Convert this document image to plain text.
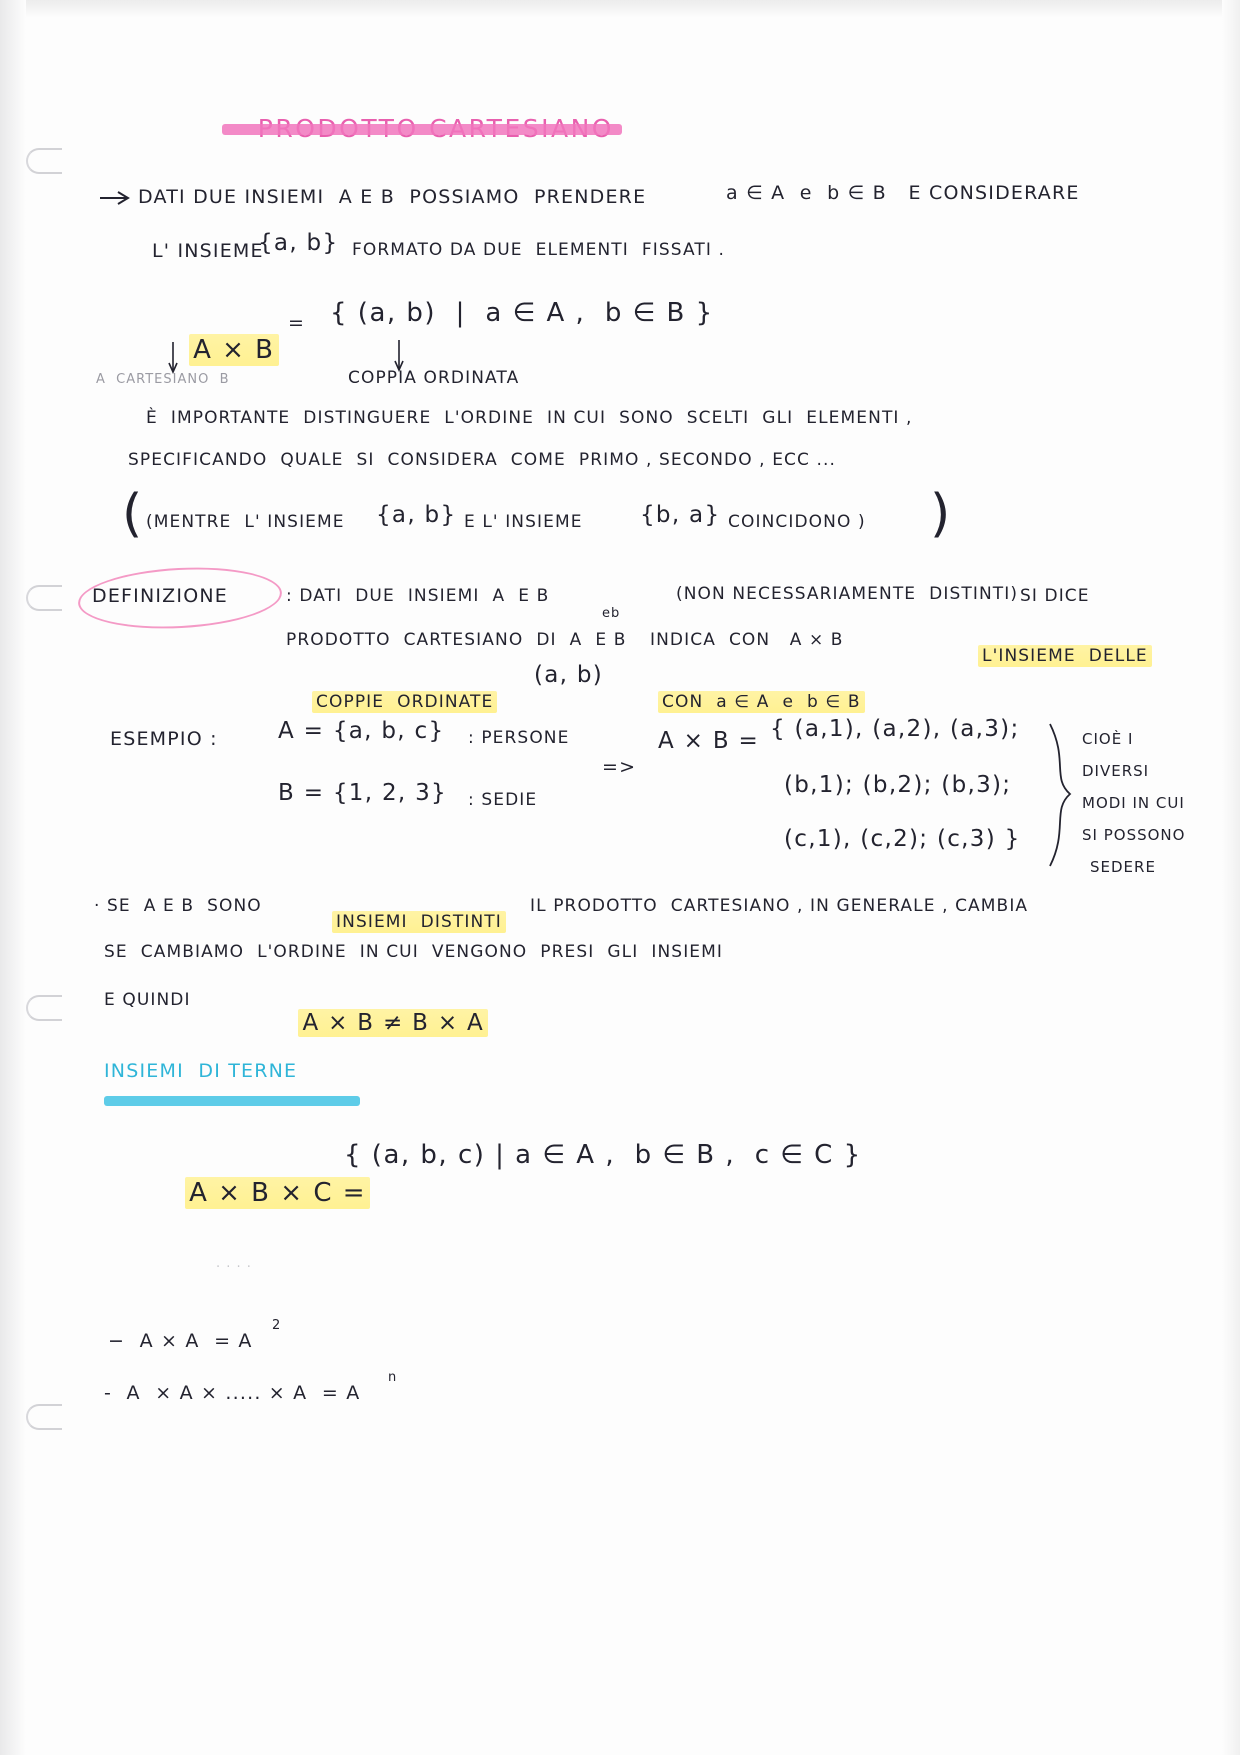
DATI DUE INSIEMI  A E B  POSSIAMO  PRENDERE	a ∈ A  e  b ∈ B   E CONSIDERARE
L' INSIEME
{a, b} FORMATO DA DUE  ELEMENTI  FISSATI .

A × B

= { (a, b)  |  a ∈ A ,  b ∈ B }
A  CARTESIANO  B	COPPIA ORDINATA
È  IMPORTANTE  DISTINGUERE  L'ORDINE  IN CUI  SONO  SCELTI  GLI  ELEMENTI ,
SPECIFICANDO  QUALE  SI  CONSIDERA  COME  PRIMO , SECONDO , ECC ...
( (MENTRE  L' INSIEME {a, b} E L' INSIEME {b, a} COINCIDONO ) )
DEFINIZIONE	: DATI  DUE  INSIEMI  A  E B	(NON NECESSARIAMENTE  DISTINTI) SI DICE
PRODOTTO  CARTESIANO  DI  A  E B
eb
INDICA  CON   A × B

L'INSIEME  DELLE

COPPIE  ORDINATE

(a, b)

CON  a ∈ A  e  b ∈ B

ESEMPIO :	A = {a, b, c} : PERSONE
B = {1, 2, 3} : SEDIE
=>
A × B = { (a,1), (a,2), (a,3);
(b,1); (b,2); (b,3);
(c,1), (c,2); (c,3) }
CIOÈ I
DIVERSI
MODI IN CUI
SI POSSONO
SEDERE
· SE  A E B  SONO

INSIEMI  DISTINTI

IL PRODOTTO  CARTESIANO , IN GENERALE , CAMBIA
SE  CAMBIAMO  L'ORDINE  IN CUI  VENGONO  PRESI  GLI  INSIEMI
E QUINDI

A × B ≠ B × A

INSIEMI  DI TERNE

A × B × C =

{ (a, b, c) | a ∈ A ,  b ∈ B ,  c ∈ C }
. . . .
−  A × A  = A
2
-  A  × A × ..... × A  = A
n
